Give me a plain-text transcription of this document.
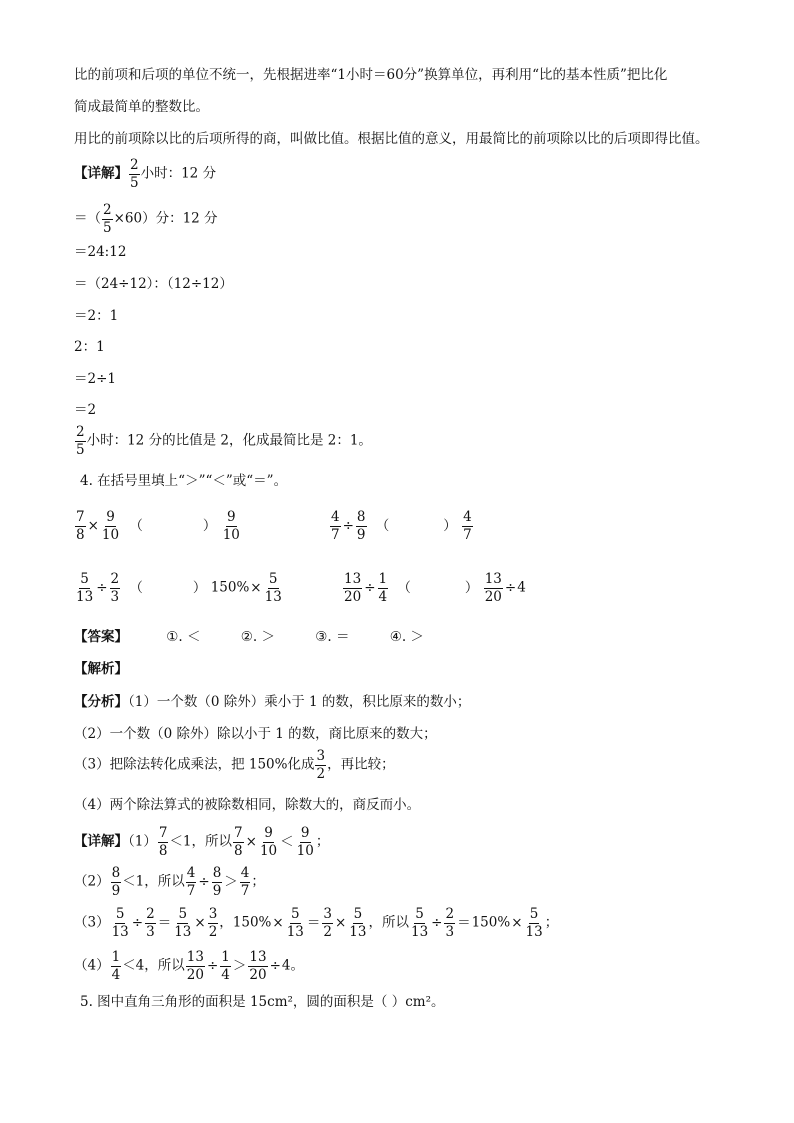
比的前项和后项的单位不统一，先根据进率“1小时＝60分”换算单位，再利用“比的基本性质”把比化
简成最简单的整数比。
用比的前项除以比的后项所得的商，叫做比值。根据比值的意义，用最简比的前项除以比的后项即得比值。
【详解】 $\frac{2}{5}$ 小时：12 分
＝（ $\frac{2}{5} \times 60$）分：12 分
＝24:12
＝（24÷12）：（12÷12）
＝2：1
2：1
＝2÷1
＝2
$\frac{2}{5}$ 小时：12 分的比值是 2，化成最简比是 2：1。
4. 在括号里填上“＞”“＜”或“＝”。
$\frac{7}{8} \times \frac{9}{10}$ （	） $\frac{9}{10}$	$\frac{4}{7} \div \frac{8}{9}$ （	） $\frac{4}{7}$
$\frac{5}{13} \div \frac{2}{3}$ （	） $150\%\times \frac{5}{13}$	$\frac{13}{20} \div \frac{1}{4}$ （	） $\frac{13}{20} \div 4$
【答案】	①. ＜	②. ＞	③. ＝	④. ＞
【解析】
【分析】（1）一个数（0 除外）乘小于 1 的数，积比原来的数小；
（2）一个数（0 除外）除以小于 1 的数，商比原来的数大；
（3）把除法转化成乘法，把 150%化成 $\frac{3}{2}$ ，再比较；
（4）两个除法算式的被除数相同，除数大的，商反而小。
【详解】$(1) \frac{7}{8} <1$，所以 $\frac{7}{8} \times \frac{9}{10} < \frac{9}{10}$ ；
$(2) \frac{8}{9} <1$，所以 $\frac{4}{7} \div \frac{8}{9} > \frac{4}{7}$ ；
$(3) \frac{5}{13} \div \frac{2}{3} = \frac{5}{13} \times \frac{3}{2}$ ，$150\%\times \frac{5}{13} = \frac{3}{2} \times \frac{5}{13}$ ，所以 $\frac{5}{13} \div \frac{2}{3} =150\%\times \frac{5}{13}$ ；
$(4) \frac{1}{4} <4$，所以 $\frac{13}{20} \div \frac{1}{4} > \frac{13}{20} \div 4$。
5. 图中直角三角形的面积是 15cm²，圆的面积是（ ）cm²。
